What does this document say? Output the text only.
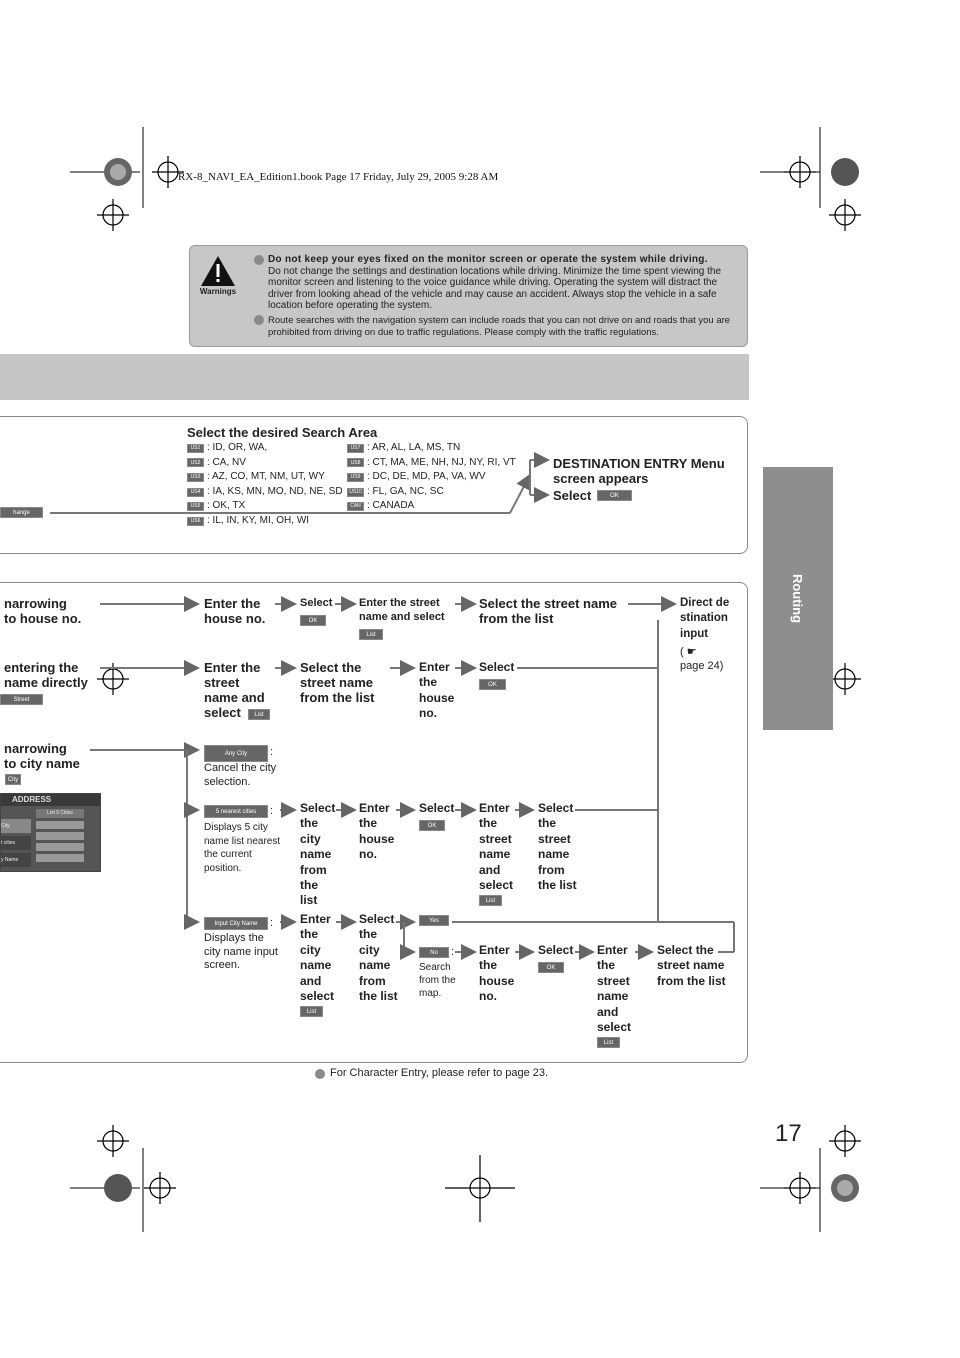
RX-8_NAVI_EA_Edition1.book Page 17 Friday, July 29, 2005 9:28 AM
Routing
Warnings
Do not keep your eyes fixed on the monitor screen or operate the system while driving.
Do not change the settings and destination locations while driving. Minimize the time spent viewing the monitor screen and listening to the voice guidance while driving. Operating the system will distract the driver from looking ahead of the vehicle and may cause an accident. Always stop the vehicle in a safe location before operating the system.
Route searches with the navigation system can include roads that you can not drive on and roads that you are prohibited from driving on due to traffic regulations. Please comply with the traffic regulations.
Select the desired Search Area
US1 : ID, OR, WA,
US2 : CA, NV
US3 : AZ, CO, MT, NM, UT, WY
US4 : IA, KS, MN, MO, ND, NE, SD
US5 : OK, TX
US6 : IL, IN, KY, MI, OH, WI
US7 : AR, AL, LA, MS, TN
US8 : CT, MA, ME, NH, NJ, NY, RI, VT
US9 : DC, DE, MD, PA, VA, WV
US10 : FL, GA, NC, SC
CAN : CANADA
hange
DESTINATION ENTRY Menu
screen appears
Select	OK
narrowing
to house no.
Enter the house no.
Select
OK
Enter the street name and select
List
Select the street name from the list
Direct destination input
( ☛
page 24)
entering the
name directly
Street
Enter the street name and select	List
Select the street name from the list
Enter the house no.
Select
OK
narrowing
to city name
City
Any City	:
Cancel the city selection.
ADDRESS
List 5 Cities
City
t cities
y Name
5 nearest cities	:
Displays 5 city name list nearest the current position.
Select the city name from the list
Enter the house no.
Select
OK
Enter the street name and select
List
Select the street name from the list
Input City Name	:
Displays the city name input screen.
Enter the city name and select
List
Select the city name from the list
Yes
No	:
Search from the map.
Enter the house no.
Select
OK
Enter the street name and select
List
Select the street name from the list
For Character Entry, please refer to page 23.
17
